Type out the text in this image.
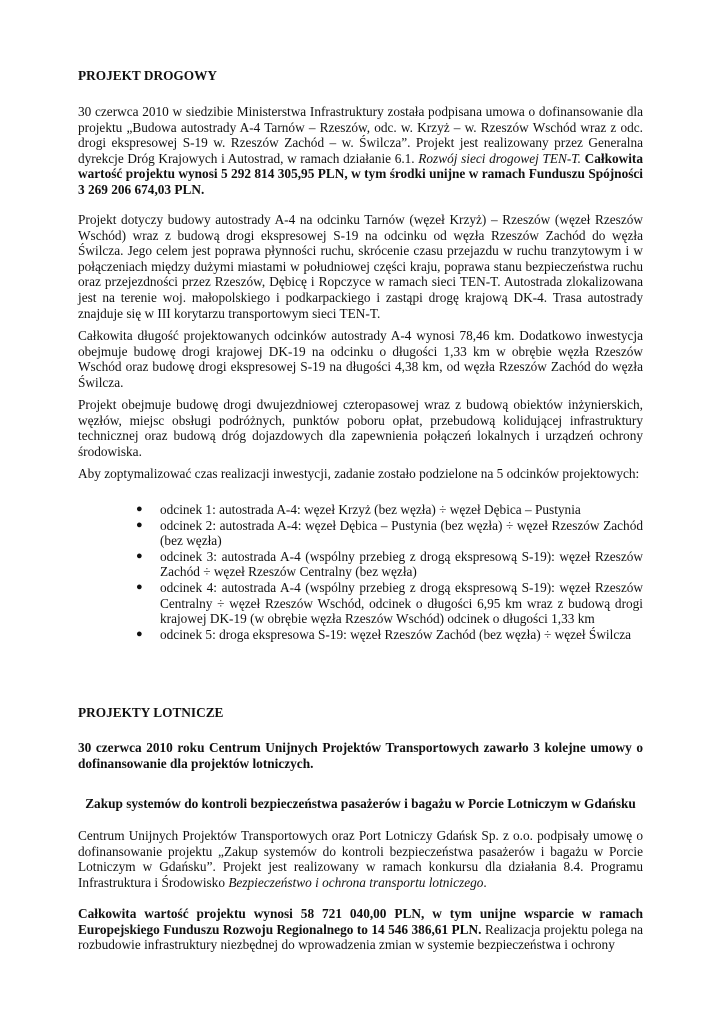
PROJEKT DROGOWY

30 czerwca 2010 w siedzibie Ministerstwa Infrastruktury została podpisana umowa o dofinansowanie dla projektu „Budowa autostrady A-4 Tarnów – Rzeszów, odc. w. Krzyż – w. Rzeszów Wschód wraz z odc. drogi ekspresowej S-19 w. Rzeszów Zachód – w. Świlcza”. Projekt jest realizowany przez Generalna dyrekcje Dróg Krajowych i Autostrad, w ramach działanie 6.1. Rozwój sieci drogowej TEN-T. Całkowita wartość projektu wynosi 5 292 814 305,95 PLN, w tym środki unijne w ramach Funduszu Spójności 3 269 206 674,03 PLN.

Projekt dotyczy budowy autostrady A-4 na odcinku Tarnów (węzeł Krzyż) – Rzeszów (węzeł Rzeszów Wschód) wraz z budową drogi ekspresowej S-19 na odcinku od węzła Rzeszów Zachód do węzła Świlcza. Jego celem jest poprawa płynności ruchu, skrócenie czasu przejazdu w ruchu tranzytowym i w połączeniach między dużymi miastami w południowej części kraju, poprawa stanu bezpieczeństwa ruchu oraz przejezdności przez Rzeszów, Dębicę i Ropczyce w ramach sieci TEN-T. Autostrada zlokalizowana jest na terenie woj. małopolskiego i podkarpackiego i zastąpi drogę krajową DK-4. Trasa autostrady znajduje się w III korytarzu transportowym sieci TEN-T.

Całkowita długość projektowanych odcinków autostrady A-4 wynosi 78,46 km. Dodatkowo inwestycja obejmuje budowę drogi krajowej DK-19 na odcinku o długości 1,33 km w obrębie węzła Rzeszów Wschód oraz budowę drogi ekspresowej S-19 na długości 4,38 km, od węzła Rzeszów Zachód do węzła Świlcza.

Projekt obejmuje budowę drogi dwujezdniowej czteropasowej wraz z budową obiektów inżynierskich, węzłów, miejsc obsługi podróżnych, punktów poboru opłat, przebudową kolidującej infrastruktury technicznej oraz budową dróg dojazdowych dla zapewnienia połączeń lokalnych i urządzeń ochrony środowiska.

Aby zoptymalizować czas realizacji inwestycji, zadanie zostało podzielone na 5 odcinków projektowych:

● odcinek 1: autostrada A-4: węzeł Krzyż (bez węzła) ÷ węzeł Dębica – Pustynia
● odcinek 2: autostrada A-4: węzeł Dębica – Pustynia (bez węzła) ÷ węzeł Rzeszów Zachód (bez węzła)
● odcinek 3: autostrada A-4 (wspólny przebieg z drogą ekspresową S-19): węzeł Rzeszów Zachód ÷ węzeł Rzeszów Centralny (bez węzła)
● odcinek 4: autostrada A-4 (wspólny przebieg z drogą ekspresową S-19): węzeł Rzeszów Centralny ÷ węzeł Rzeszów Wschód, odcinek o długości 6,95 km wraz z budową drogi krajowej DK-19 (w obrębie węzła Rzeszów Wschód) odcinek o długości 1,33 km
● odcinek 5: droga ekspresowa S-19: węzeł Rzeszów Zachód (bez węzła) ÷ węzeł Świlcza
PROJEKTY LOTNICZE

30 czerwca 2010 roku Centrum Unijnych Projektów Transportowych zawarło 3 kolejne umowy o dofinansowanie dla projektów lotniczych.

Zakup systemów do kontroli bezpieczeństwa pasażerów i bagażu w Porcie Lotniczym w Gdańsku

Centrum Unijnych Projektów Transportowych oraz Port Lotniczy Gdańsk Sp. z o.o. podpisały umowę o dofinansowanie projektu „Zakup systemów do kontroli bezpieczeństwa pasażerów i bagażu w Porcie Lotniczym w Gdańsku”. Projekt jest realizowany w ramach konkursu dla działania 8.4. Programu Infrastruktura i Środowisko Bezpieczeństwo i ochrona transportu lotniczego.

Całkowita wartość projektu wynosi 58 721 040,00 PLN, w tym unijne wsparcie w ramach Europejskiego Funduszu Rozwoju Regionalnego to 14 546 386,61 PLN. Realizacja projektu polega na rozbudowie infrastruktury niezbędnej do wprowadzenia zmian w systemie bezpieczeństwa i ochrony
